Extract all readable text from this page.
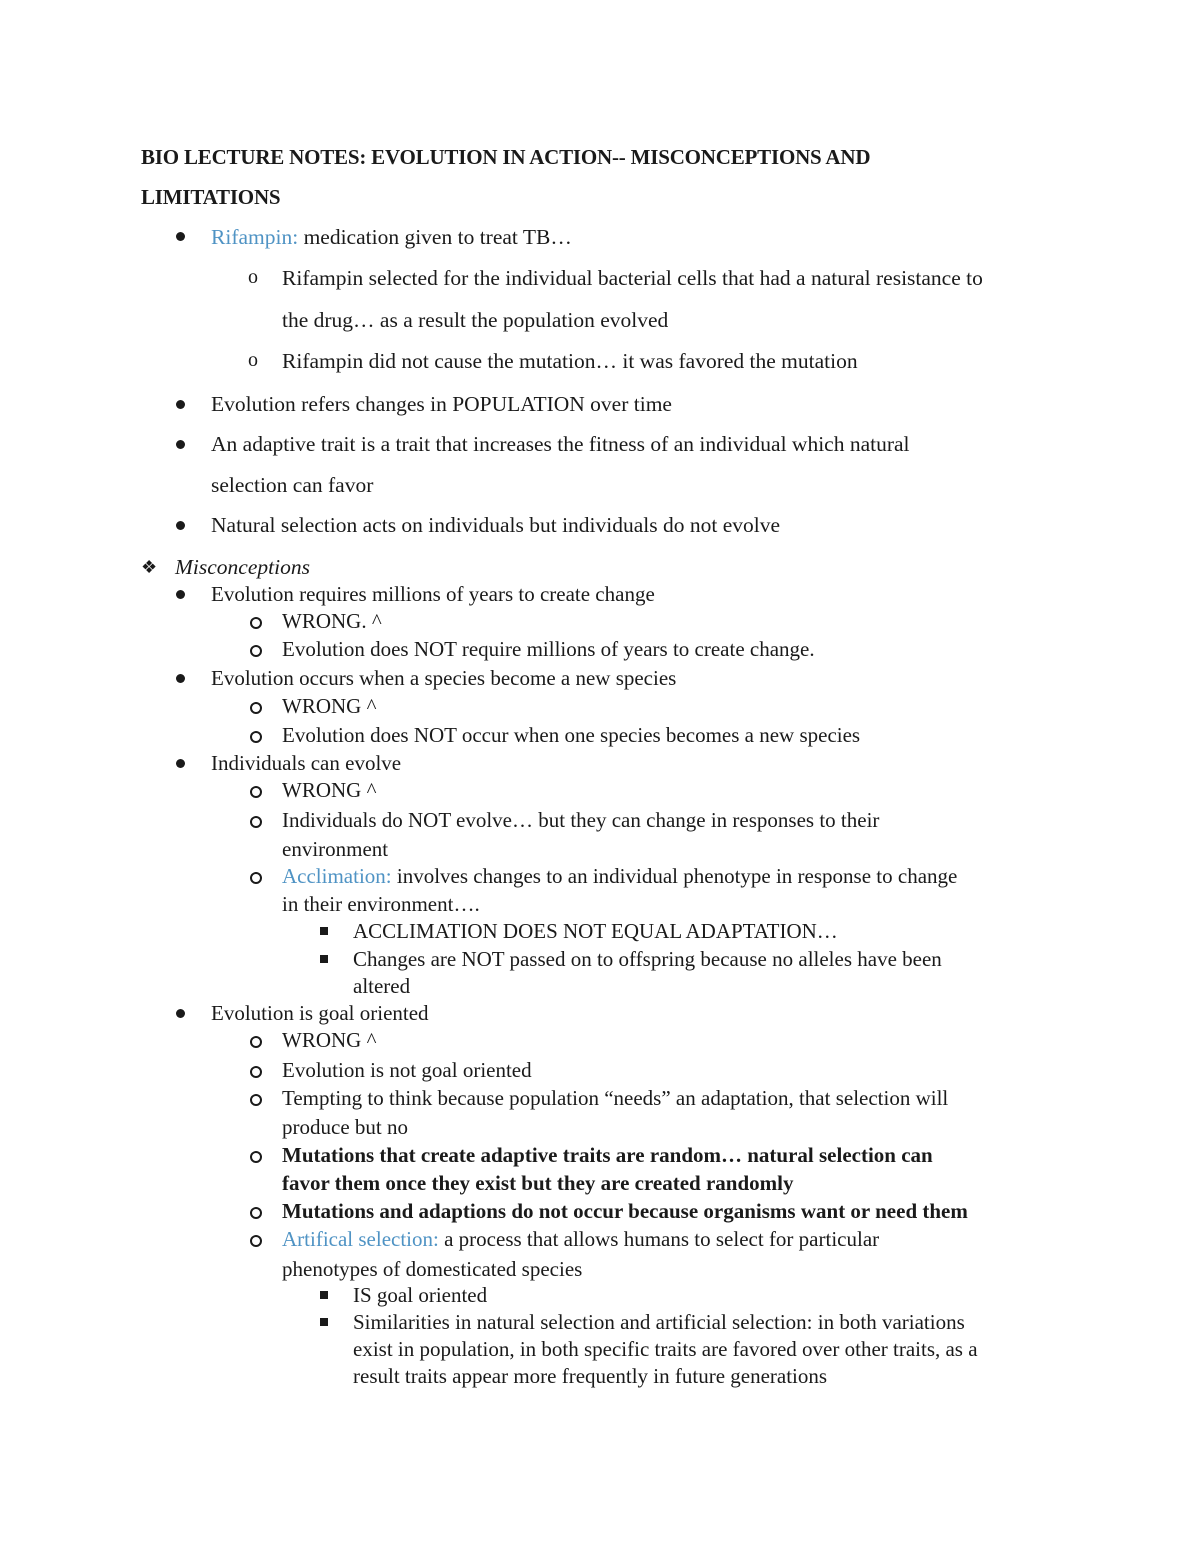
BIO LECTURE NOTES: EVOLUTION IN ACTION-- MISCONCEPTIONS AND
LIMITATIONS
Rifampin: medication given to treat TB…
o Rifampin selected for the individual bacterial cells that had a natural resistance to
the drug… as a result the population evolved
o Rifampin did not cause the mutation… it was favored the mutation
Evolution refers changes in POPULATION over time
An adaptive trait is a trait that increases the fitness of an individual which natural
selection can favor
Natural selection acts on individuals but individuals do not evolve
❖ Misconceptions
Evolution requires millions of years to create change
WRONG. ^
Evolution does NOT require millions of years to create change.
Evolution occurs when a species become a new species
WRONG ^
Evolution does NOT occur when one species becomes a new species
Individuals can evolve
WRONG ^
Individuals do NOT evolve… but they can change in responses to their
environment
Acclimation: involves changes to an individual phenotype in response to change
in their environment….
ACCLIMATION DOES NOT EQUAL ADAPTATION…
Changes are NOT passed on to offspring because no alleles have been
altered
Evolution is goal oriented
WRONG ^
Evolution is not goal oriented
Tempting to think because population “needs” an adaptation, that selection will
produce but no
Mutations that create adaptive traits are random… natural selection can
favor them once they exist but they are created randomly
Mutations and adaptions do not occur because organisms want or need them
Artifical selection: a process that allows humans to select for particular
phenotypes of domesticated species
IS goal oriented
Similarities in natural selection and artificial selection: in both variations
exist in population, in both specific traits are favored over other traits, as a
result traits appear more frequently in future generations
